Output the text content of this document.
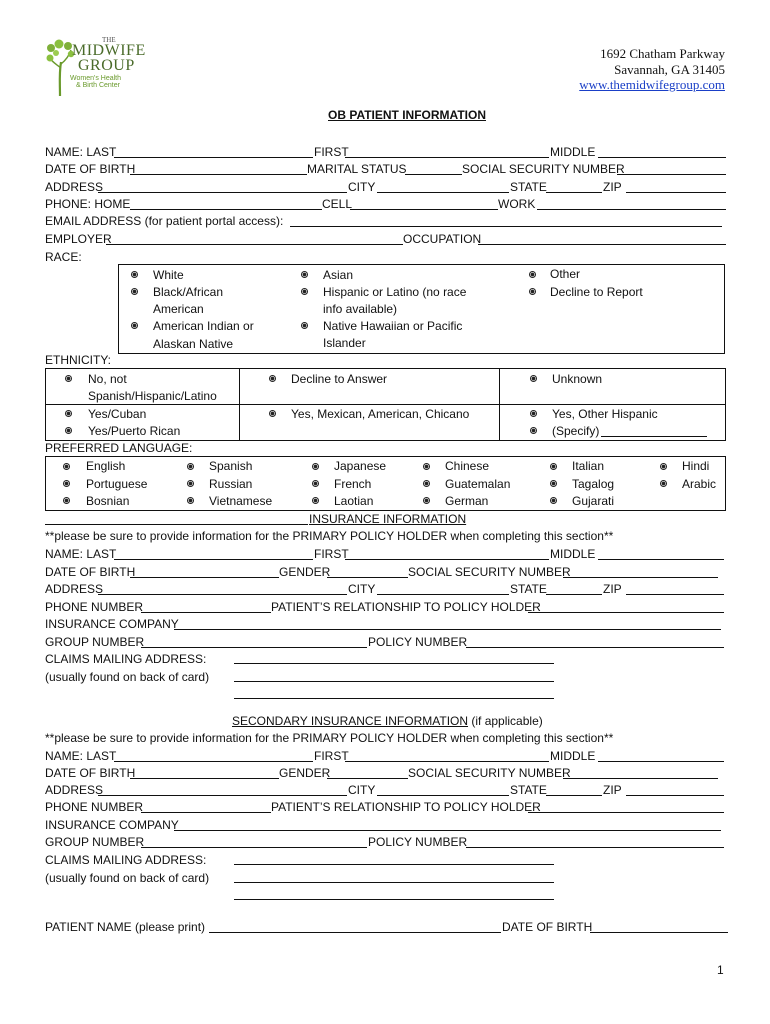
THE
MIDWIFE
GROUP
Women's Health
& Birth Center
1692 Chatham Parkway
Savannah, GA 31405
www.themidwifegroup.com
OB PATIENT INFORMATION
NAME: LAST	FIRST	MIDDLE
DATE OF BIRTH	MARITAL STATUS	SOCIAL SECURITY NUMBER
ADDRESS	CITY	STATE	ZIP
PHONE: HOME	CELL	WORK
EMAIL ADDRESS (for patient portal access):
EMPLOYER	OCCUPATION
RACE:
White
Black/African
American
American Indian or
Alaskan Native
Asian
Hispanic or Latino (no race
info available)
Native Hawaiian or Pacific
Islander
Other
Decline to Report
ETHNICITY:
No, not
Spanish/Hispanic/Latino
Decline to Answer	Unknown
Yes/Cuban
Yes/Puerto Rican
Yes, Mexican, American, Chicano	Yes, Other Hispanic
(Specify)
PREFERRED LANGUAGE:
English
Portuguese
Bosnian
Spanish
Russian
Vietnamese
Japanese
French
Laotian
Chinese
Guatemalan
German
Italian
Tagalog
Gujarati
Hindi
Arabic
INSURANCE INFORMATION
**please be sure to provide information for the PRIMARY POLICY HOLDER when completing this section**
NAME: LAST	FIRST	MIDDLE
DATE OF BIRTH	GENDER	SOCIAL SECURITY NUMBER
ADDRESS	CITY	STATE	ZIP
PHONE NUMBER	PATIENT’S RELATIONSHIP TO POLICY HOLDER
INSURANCE COMPANY
GROUP NUMBER	POLICY NUMBER
CLAIMS MAILING ADDRESS:
(usually found on back of card)
SECONDARY INSURANCE INFORMATION (if applicable)
**please be sure to provide information for the PRIMARY POLICY HOLDER when completing this section**
NAME: LAST	FIRST	MIDDLE
DATE OF BIRTH	GENDER	SOCIAL SECURITY NUMBER
ADDRESS	CITY	STATE	ZIP
PHONE NUMBER	PATIENT’S RELATIONSHIP TO POLICY HOLDER
INSURANCE COMPANY
GROUP NUMBER	POLICY NUMBER
CLAIMS MAILING ADDRESS:
(usually found on back of card)
PATIENT NAME (please print)	DATE OF BIRTH
1
